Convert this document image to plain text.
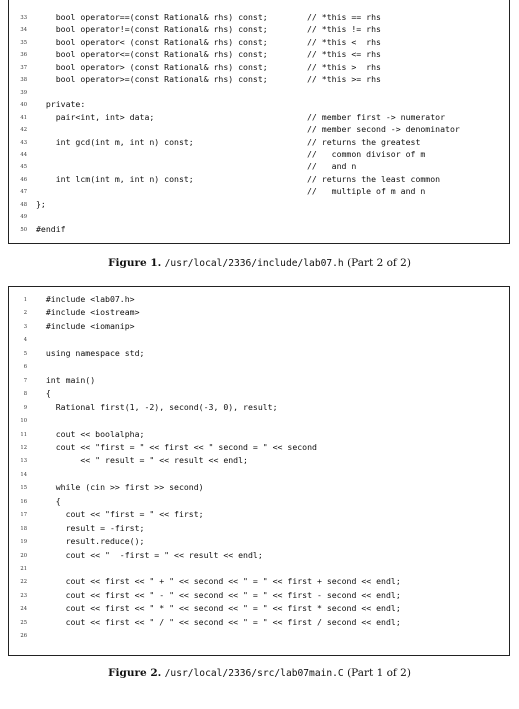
33 bool operator==(const Rational& rhs) const;	// *this == rhs
34 bool operator!=(const Rational& rhs) const;	// *this != rhs
35 bool operator< (const Rational& rhs) const;	// *this <  rhs
36 bool operator<=(const Rational& rhs) const;	// *this <= rhs
37 bool operator> (const Rational& rhs) const;	// *this >  rhs
38 bool operator>=(const Rational& rhs) const;	// *this >= rhs
39
40 private:
41 pair<int, int> data;	// member first -> numerator
42	// member second -> denominator
43 int gcd(int m, int n) const;	// returns the greatest
44	//   common divisor of m
45	//   and n
46 int lcm(int m, int n) const;	// returns the least common
47	//   multiple of m and n
48 };
49
50 #endif
Figure 1. /usr/local/2336/include/lab07.h (Part 2 of 2)
1 #include <lab07.h>
2 #include <iostream>
3 #include <iomanip>
4
5 using namespace std;
6
7 int main()
8 {
9 Rational first(1, -2), second(-3, 0), result;
10
11 cout << boolalpha;
12 cout << "first = " << first << " second = " << second
13 << " result = " << result << endl;
14
15 while (cin >> first >> second)
16 {
17 cout << "first = " << first;
18 result = -first;
19 result.reduce();
20 cout << "  -first = " << result << endl;
21
22 cout << first << " + " << second << " = " << first + second << endl;
23 cout << first << " - " << second << " = " << first - second << endl;
24 cout << first << " * " << second << " = " << first * second << endl;
25 cout << first << " / " << second << " = " << first / second << endl;
26
Figure 2. /usr/local/2336/src/lab07main.C (Part 1 of 2)
